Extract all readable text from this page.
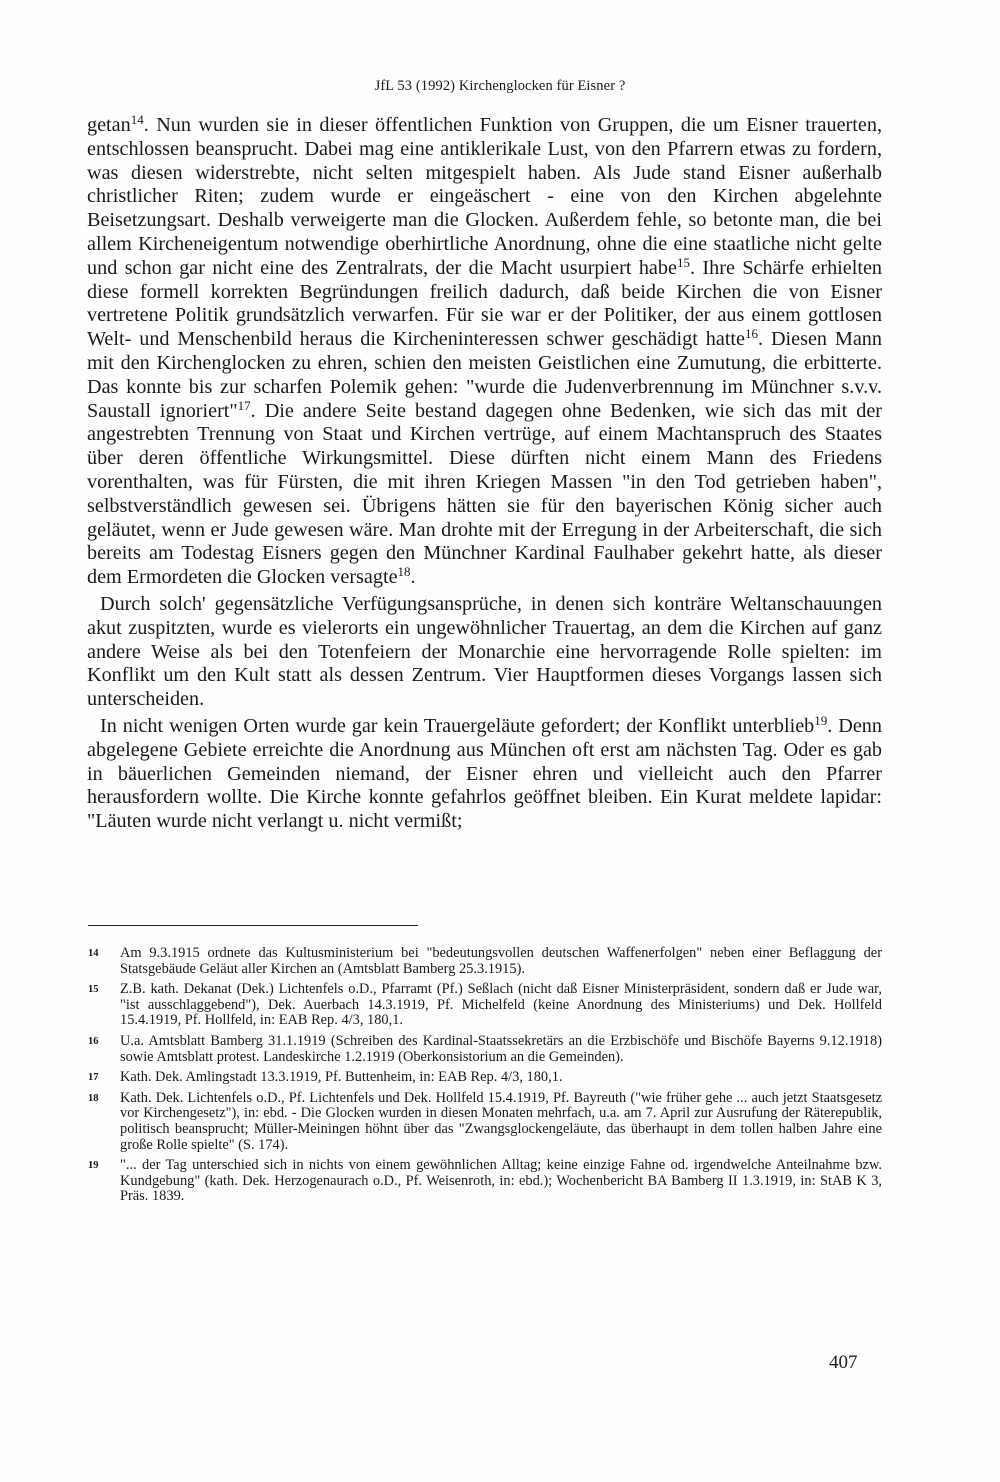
JfL 53 (1992) Kirchenglocken für Eisner ?

getan$^{14}$. Nun wurden sie in dieser öffentlichen Funktion von Gruppen, die um Eisner trauerten, entschlossen beansprucht. Dabei mag eine antiklerikale Lust, von den Pfarrern etwas zu fordern, was diesen widerstrebte, nicht selten mitgespielt haben. Als Jude stand Eisner außerhalb christlicher Riten; zudem wurde er eingeäschert - eine von den Kirchen abgelehnte Beisetzungsart. Deshalb verweigerte man die Glocken. Außerdem fehle, so betonte man, die bei allem Kircheneigentum notwendige oberhirtliche Anordnung, ohne die eine staatliche nicht gelte und schon gar nicht eine des Zentralrats, der die Macht usurpiert habe$^{15}$. Ihre Schärfe erhielten diese formell korrekten Begründungen freilich dadurch, daß beide Kirchen die von Eisner vertretene Politik grundsätzlich verwarfen. Für sie war er der Politiker, der aus einem gottlosen Welt- und Menschenbild heraus die Kircheninteressen schwer geschädigt hatte$^{16}$. Diesen Mann mit den Kirchenglocken zu ehren, schien den meisten Geistlichen eine Zumutung, die erbitterte. Das konnte bis zur scharfen Polemik gehen: "wurde die Judenverbrennung im Münchner s.v.v. Saustall ignoriert"$^{17}$. Die andere Seite bestand dagegen ohne Bedenken, wie sich das mit der angestrebten Trennung von Staat und Kirchen vertrüge, auf einem Machtanspruch des Staates über deren öffentliche Wirkungsmittel. Diese dürften nicht einem Mann des Friedens vorenthalten, was für Fürsten, die mit ihren Kriegen Massen "in den Tod getrieben haben", selbstverständlich gewesen sei. Übrigens hätten sie für den bayerischen König sicher auch geläutet, wenn er Jude gewesen wäre. Man drohte mit der Erregung in der Arbeiterschaft, die sich bereits am Todestag Eisners gegen den Münchner Kardinal Faulhaber gekehrt hatte, als dieser dem Ermordeten die Glocken versagte$^{18}$.

Durch solch' gegensätzliche Verfügungsansprüche, in denen sich konträre Weltanschauungen akut zuspitzten, wurde es vielerorts ein ungewöhnlicher Trauertag, an dem die Kirchen auf ganz andere Weise als bei den Totenfeiern der Monarchie eine hervorragende Rolle spielten: im Konflikt um den Kult statt als dessen Zentrum. Vier Hauptformen dieses Vorgangs lassen sich unterscheiden.

In nicht wenigen Orten wurde gar kein Trauergeläute gefordert; der Konflikt unterblieb$^{19}$. Denn abgelegene Gebiete erreichte die Anordnung aus München oft erst am nächsten Tag. Oder es gab in bäuerlichen Gemeinden niemand, der Eisner ehren und vielleicht auch den Pfarrer herausfordern wollte. Die Kirche konnte gefahrlos geöffnet bleiben. Ein Kurat meldete lapidar: "Läuten wurde nicht verlangt u. nicht vermißt;

14 Am 9.3.1915 ordnete das Kultusministerium bei "bedeutungsvollen deutschen Waffenerfolgen" neben einer Beflaggung der Statsgebäude Geläut aller Kirchen an (Amtsblatt Bamberg 25.3.1915).
15 Z.B. kath. Dekanat (Dek.) Lichtenfels o.D., Pfarramt (Pf.) Seßlach (nicht daß Eisner Ministerpräsident, sondern daß er Jude war, "ist ausschlaggebend"), Dek. Auerbach 14.3.1919, Pf. Michelfeld (keine Anordnung des Ministeriums) und Dek. Hollfeld 15.4.1919, Pf. Hollfeld, in: EAB Rep. 4/3, 180,1.
16 U.a. Amtsblatt Bamberg 31.1.1919 (Schreiben des Kardinal-Staatssekretärs an die Erzbischöfe und Bischöfe Bayerns 9.12.1918) sowie Amtsblatt protest. Landeskirche 1.2.1919 (Oberkonsistorium an die Gemeinden).
17 Kath. Dek. Amlingstadt 13.3.1919, Pf. Buttenheim, in: EAB Rep. 4/3, 180,1.
18 Kath. Dek. Lichtenfels o.D., Pf. Lichtenfels und Dek. Hollfeld 15.4.1919, Pf. Bayreuth ("wie früher gehe ... auch jetzt Staatsgesetz vor Kirchengesetz"), in: ebd. - Die Glocken wurden in diesen Monaten mehrfach, u.a. am 7. April zur Ausrufung der Räterepublik, politisch beansprucht; Müller-Meiningen höhnt über das "Zwangsglockengeläute, das überhaupt in dem tollen halben Jahre eine große Rolle spielte" (S. 174).
19 "... der Tag unterschied sich in nichts von einem gewöhnlichen Alltag; keine einzige Fahne od. irgendwelche Anteilnahme bzw. Kundgebung" (kath. Dek. Herzogenaurach o.D., Pf. Weisenroth, in: ebd.); Wochenbericht BA Bamberg II 1.3.1919, in: StAB K 3, Präs. 1839.
407
